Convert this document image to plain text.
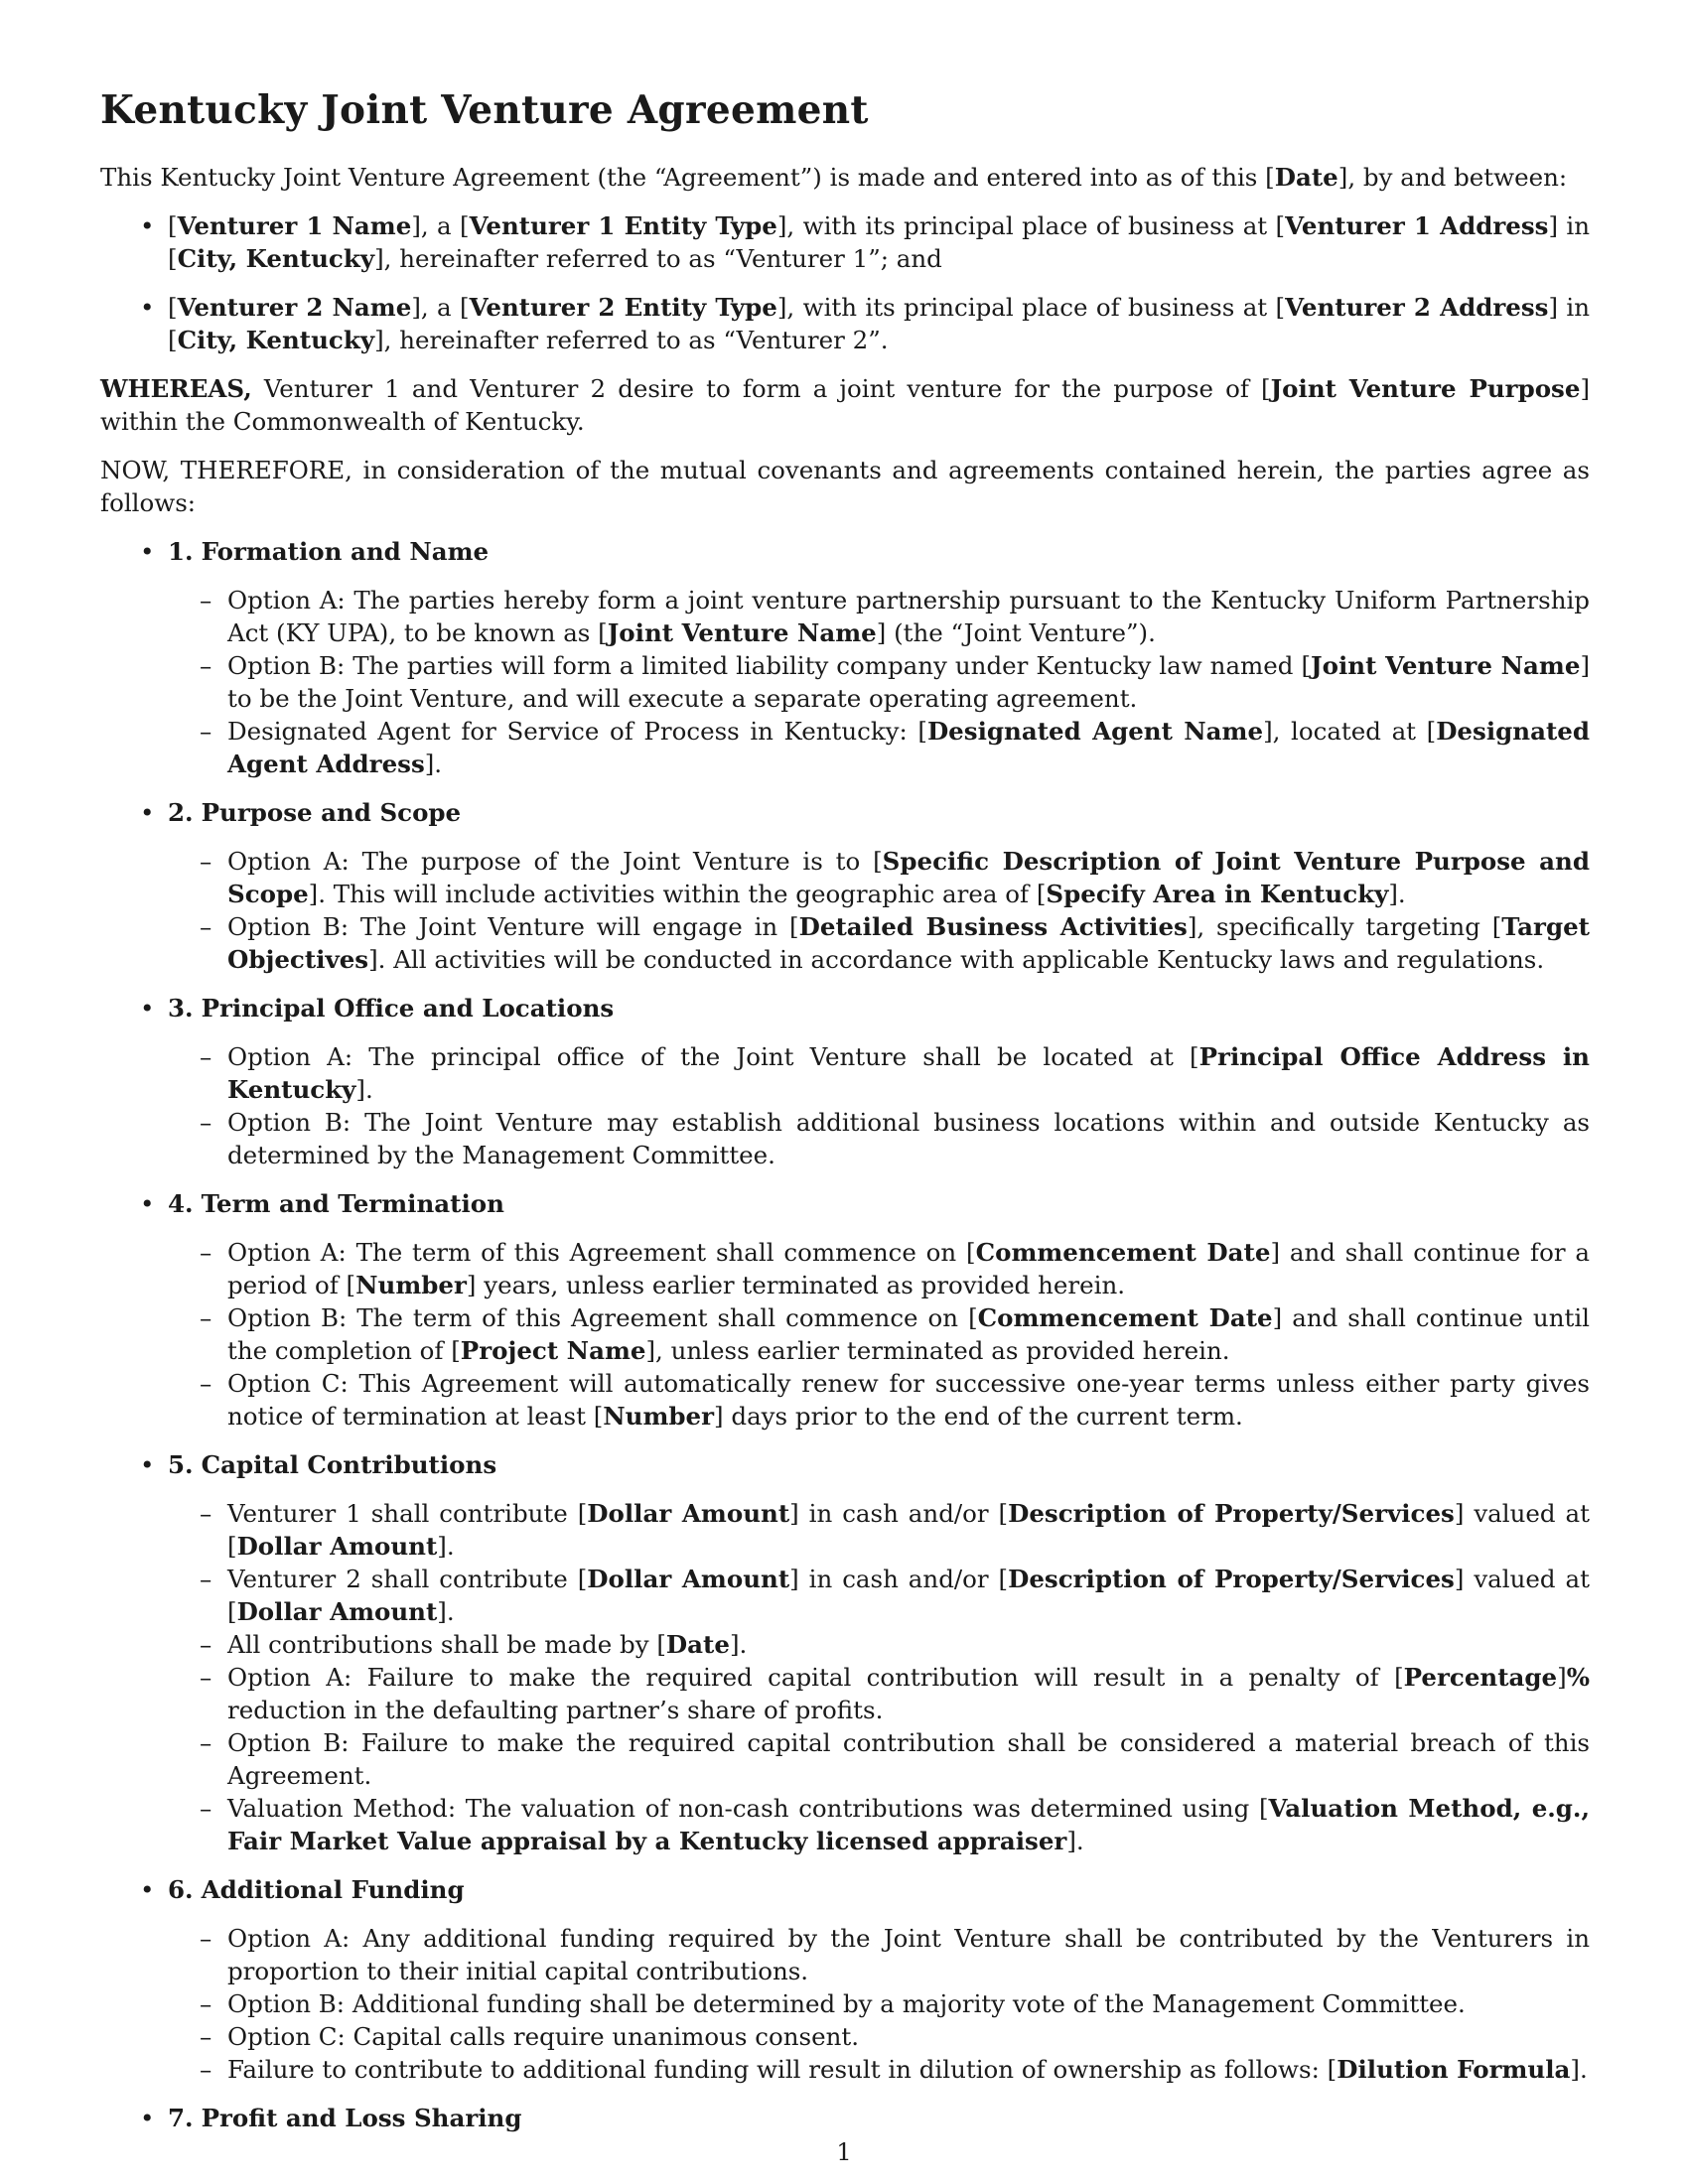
Kentucky Joint Venture Agreement

This Kentucky Joint Venture Agreement (the “Agreement”) is made and entered into as of this [Date], by and between:

• [Venturer 1 Name], a [Venturer 1 Entity Type], with its principal place of business at [Venturer 1 Address] in [City, Kentucky], hereinafter referred to as “Venturer 1”; and
• [Venturer 2 Name], a [Venturer 2 Entity Type], with its principal place of business at [Venturer 2 Address] in [City, Kentucky], hereinafter referred to as “Venturer 2”.

WHEREAS, Venturer 1 and Venturer 2 desire to form a joint venture for the purpose of [Joint Venture Purpose] within the Commonwealth of Kentucky.

NOW, THEREFORE, in consideration of the mutual covenants and agreements contained herein, the parties agree as follows:

• 1. Formation and Name
– Option A: The parties hereby form a joint venture partnership pursuant to the Kentucky Uniform Partnership Act (KY UPA), to be known as [Joint Venture Name] (the “Joint Venture”).
– Option B: The parties will form a limited liability company under Kentucky law named [Joint Venture Name] to be the Joint Venture, and will execute a separate operating agreement.
– Designated Agent for Service of Process in Kentucky: [Designated Agent Name], located at [Designated Agent Address].
• 2. Purpose and Scope
– Option A: The purpose of the Joint Venture is to [Specific Description of Joint Venture Purpose and Scope]. This will include activities within the geographic area of [Specify Area in Kentucky].
– Option B: The Joint Venture will engage in [Detailed Business Activities], specifically targeting [Target Objectives]. All activities will be conducted in accordance with applicable Kentucky laws and regulations.
• 3. Principal Office and Locations
– Option A: The principal office of the Joint Venture shall be located at [Principal Office Address in Kentucky].
– Option B: The Joint Venture may establish additional business locations within and outside Kentucky as determined by the Management Committee.
• 4. Term and Termination
– Option A: The term of this Agreement shall commence on [Commencement Date] and shall continue for a period of [Number] years, unless earlier terminated as provided herein.
– Option B: The term of this Agreement shall commence on [Commencement Date] and shall continue until the completion of [Project Name], unless earlier terminated as provided herein.
– Option C: This Agreement will automatically renew for successive one-year terms unless either party gives notice of termination at least [Number] days prior to the end of the current term.
• 5. Capital Contributions
– Venturer 1 shall contribute [Dollar Amount] in cash and/or [Description of Property/Services] valued at [Dollar Amount].
– Venturer 2 shall contribute [Dollar Amount] in cash and/or [Description of Property/Services] valued at [Dollar Amount].
– All contributions shall be made by [Date].
– Option A: Failure to make the required capital contribution will result in a penalty of [Percentage]% reduction in the defaulting partner’s share of profits.
– Option B: Failure to make the required capital contribution shall be considered a material breach of this Agreement.
– Valuation Method: The valuation of non-cash contributions was determined using [Valuation Method, e.g., Fair Market Value appraisal by a Kentucky licensed appraiser].
• 6. Additional Funding
– Option A: Any additional funding required by the Joint Venture shall be contributed by the Venturers in proportion to their initial capital contributions.
– Option B: Additional funding shall be determined by a majority vote of the Management Committee.
– Option C: Capital calls require unanimous consent.
– Failure to contribute to additional funding will result in dilution of ownership as follows: [Dilution Formula].
• 7. Profit and Loss Sharing
1
